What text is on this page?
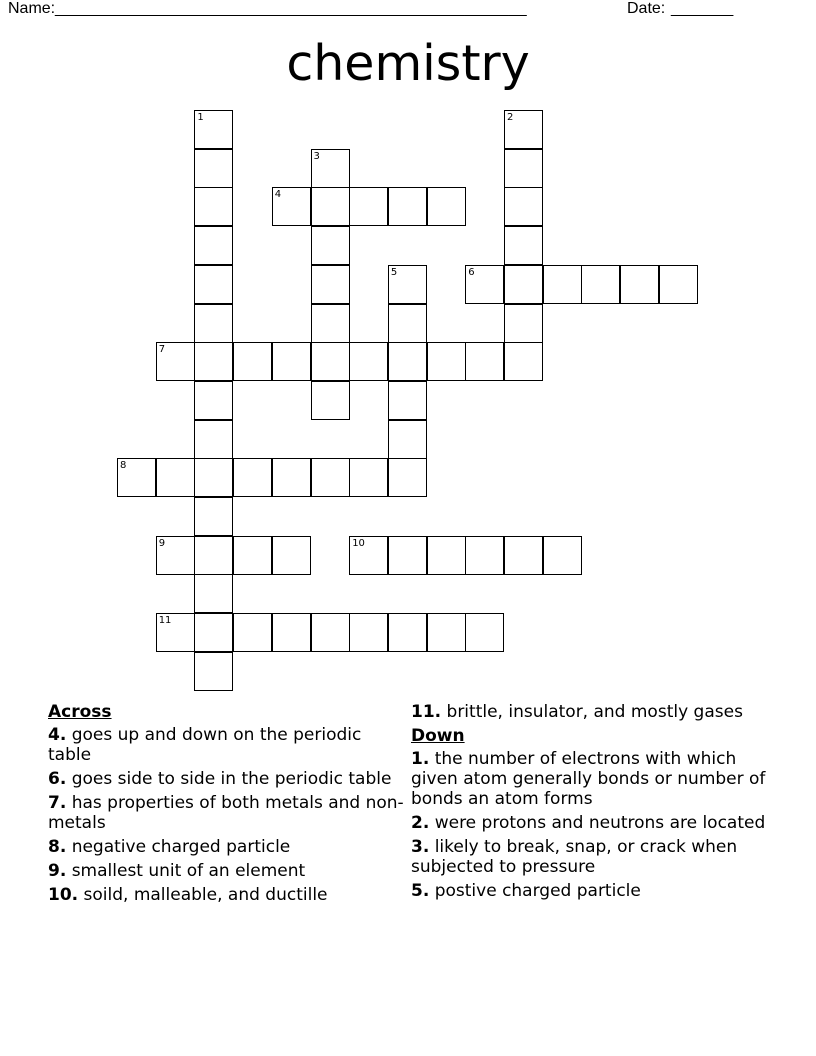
Name: _____________________________________________________	Date: _______
chemistry
1	2
3
4
5	6
7
8
9	10
11
Across
4. goes up and down on the periodic table
6. goes side to side in the periodic table
7. has properties of both metals and non-metals
8. negative charged particle
9. smallest unit of an element
10. soild, malleable, and ductille
11. brittle, insulator, and mostly gases
Down
1. the number of electrons with which given atom generally bonds or number of bonds an atom forms
2. were protons and neutrons are located
3. likely to break, snap, or crack when subjected to pressure
5. postive charged particle
